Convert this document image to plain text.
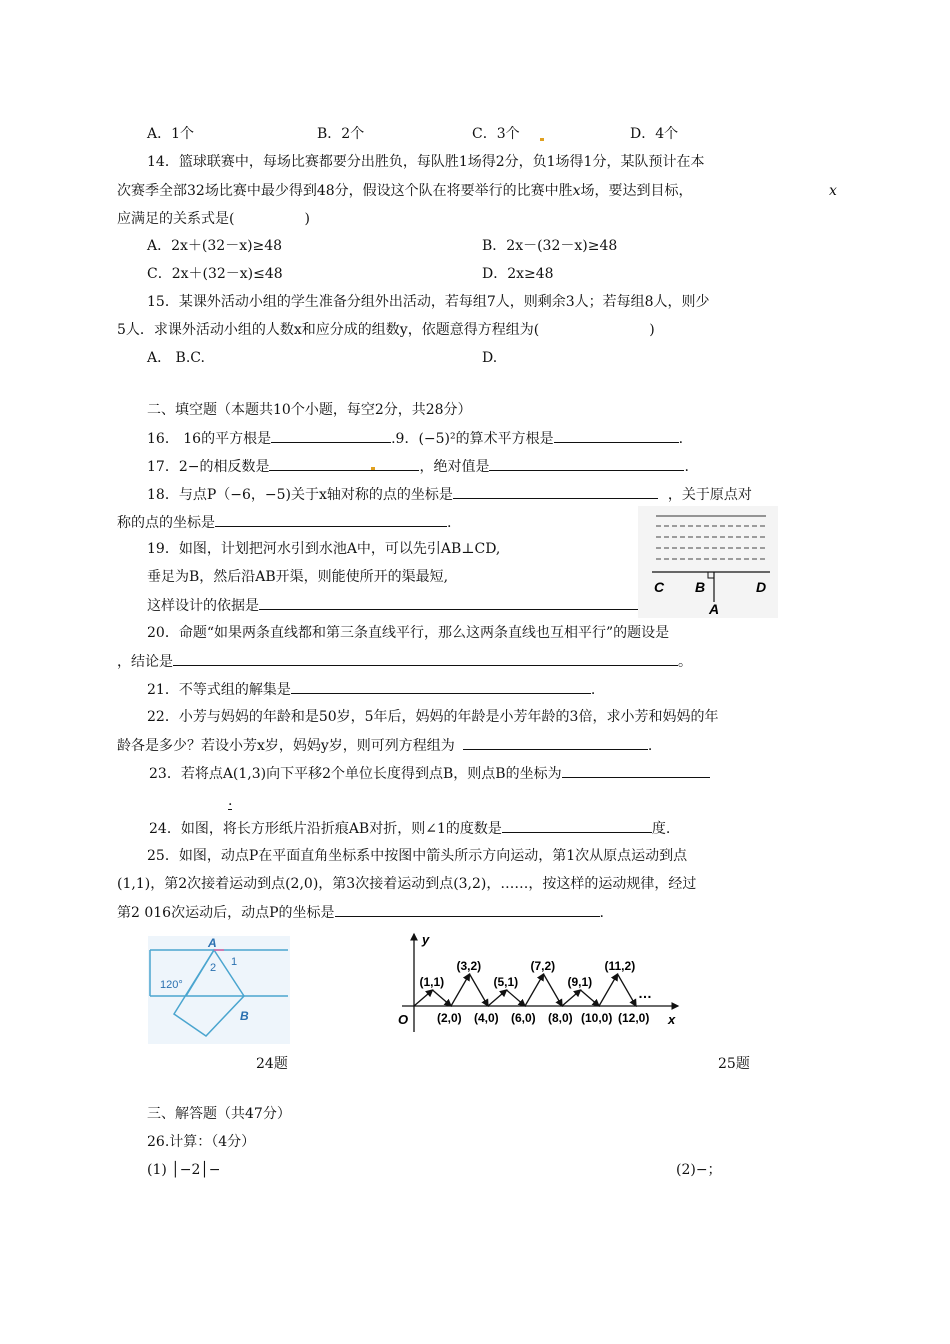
A．1个	B．2个	C．3个	D．4个
14．篮球联赛中，每场比赛都要分出胜负，每队胜1场得2分，负1场得1分，某队预计在本
次赛季全部32场比赛中最少得到48分，假设这个队在将要举行的比赛中胜x场，要达到目标，	x
应满足的关系式是(	)
A．2x＋(32－x)≥48	B．2x－(32－x)≥48
C．2x＋(32－x)≤48	D．2x≥48
15．某课外活动小组的学生准备分组外出活动，若每组7人，则剩余3人；若每组8人，则少
5人．求课外活动小组的人数x和应分成的组数y，依题意得方程组为(	)
A． B.C.	D.
二、填空题（本题共10个小题，每空2分，共28分）
16． 16的平方根是	.9．(−5)²的算术平方根是	.
17．2−的相反数是	，绝对值是	.
18．与点P（−6，−5)关于x轴对称的点的坐标是	，关于原点对
称的点的坐标是	.
19．如图，计划把河水引到水池A中，可以先引AB⊥CD,
垂足为B，然后沿AB开渠，则能使所开的渠最短,
这样设计的依据是
C B	D
A
20．命题“如果两条直线都和第三条直线平行，那么这两条直线也互相平行”的题设是
，结论是	。
21．不等式组的解集是	.
22．小芳与妈妈的年龄和是50岁，5年后，妈妈的年龄是小芳年龄的3倍，求小芳和妈妈的年
龄各是多少？若设小芳x岁，妈妈y岁，则可列方程组为	.
23．若将点A(1,3)向下平移2个单位长度得到点B，则点B的坐标为
.
24．如图，将长方形纸片沿折痕AB对折，则∠1的度数是	度.
25．如图，动点P在平面直角坐标系中按图中箭头所示方向运动，第1次从原点运动到点
(1,1)，第2次接着运动到点(2,0)，第3次接着运动到点(3,2)，……，按这样的运动规律，经过
第2 016次运动后，动点P的坐标是	.
A
1
2
120°
B
24题
y
x
O
(1,1)
(3,2)
(5,1)
(7,2)
(9,1)
(11,2)
(2,0) (4,0) (6,0) (8,0) (10,0) (12,0)
…
25题
三、解答题（共47分）
26.计算：（4分）
(1) │−2│−	(2)−；
